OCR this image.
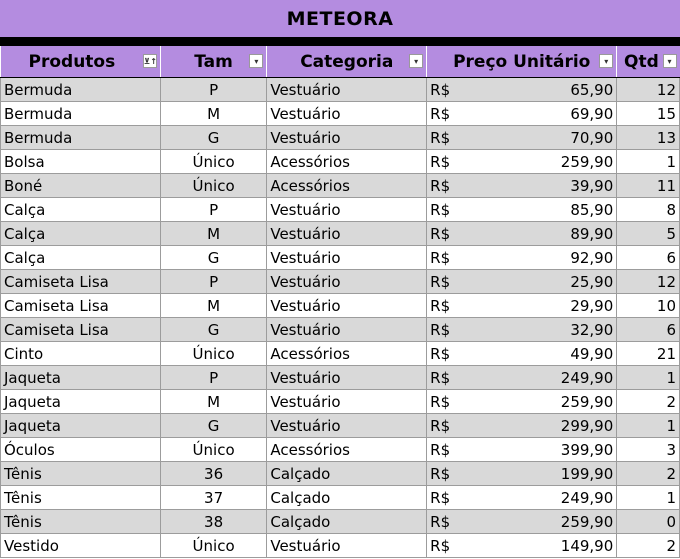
METEORA
Produtos ⊻↑	Tam ▾	Categoria ▾	Preço Unitário ▾		Qtd ▾

Bermuda	P	Vestuário	R$	65,90	12
Bermuda	M	Vestuário	R$	69,90	15
Bermuda	G	Vestuário	R$	70,90	13
Bolsa	Único	Acessórios	R$	259,90	1
Boné	Único	Acessórios	R$	39,90	11
Calça	P	Vestuário	R$	85,90	8
Calça	M	Vestuário	R$	89,90	5
Calça	G	Vestuário	R$	92,90	6
Camiseta Lisa	P	Vestuário	R$	25,90	12
Camiseta Lisa	M	Vestuário	R$	29,90	10
Camiseta Lisa	G	Vestuário	R$	32,90	6
Cinto	Único	Acessórios	R$	49,90	21
Jaqueta	P	Vestuário	R$	249,90	1
Jaqueta	M	Vestuário	R$	259,90	2
Jaqueta	G	Vestuário	R$	299,90	1
Óculos	Único	Acessórios	R$	399,90	3
Tênis	36	Calçado	R$	199,90	2
Tênis	37	Calçado	R$	249,90	1
Tênis	38	Calçado	R$	259,90	0
Vestido	Único	Vestuário	R$	149,90	2
